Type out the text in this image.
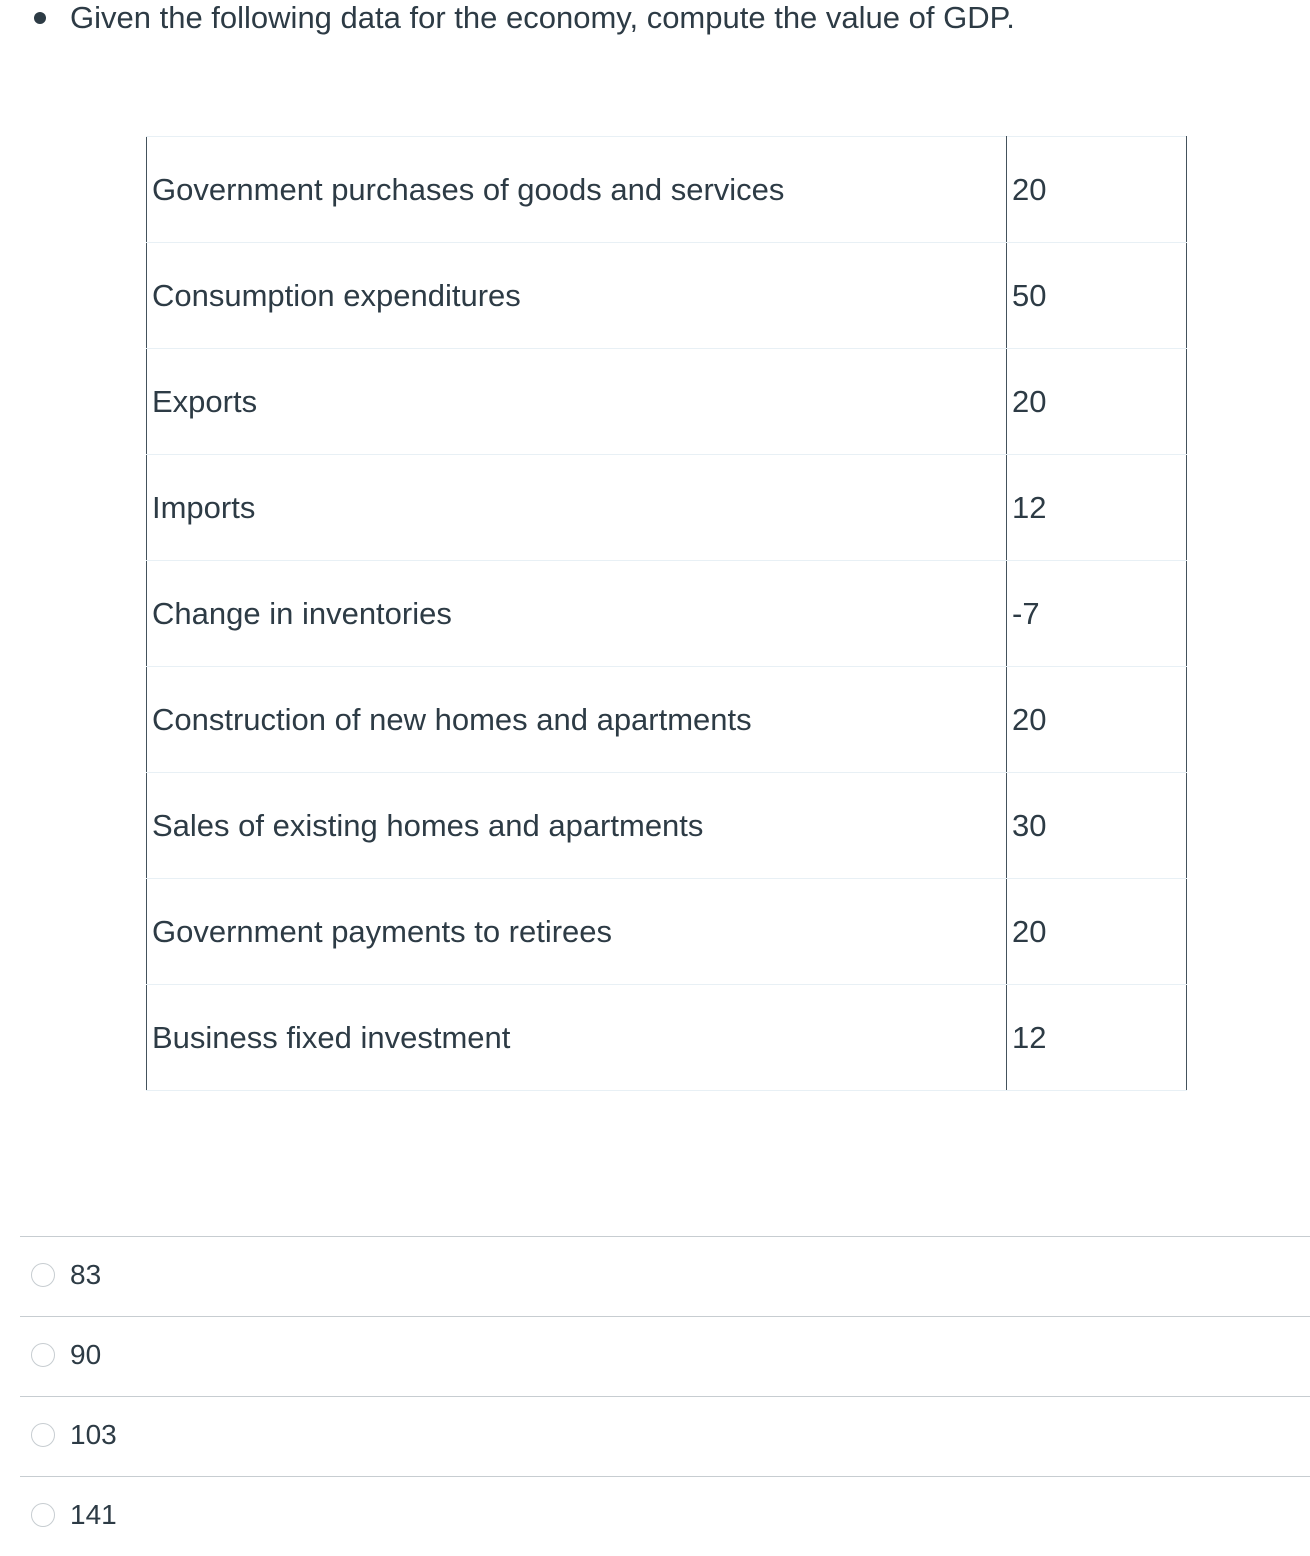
Given the following data for the economy, compute the value of GDP.
Government purchases of goods and services	20
Consumption expenditures	50
Exports	20
Imports	12
Change in inventories	-7
Construction of new homes and apartments	20
Sales of existing homes and apartments	30
Government payments to retirees	20
Business fixed investment	12
83
90
103
141
